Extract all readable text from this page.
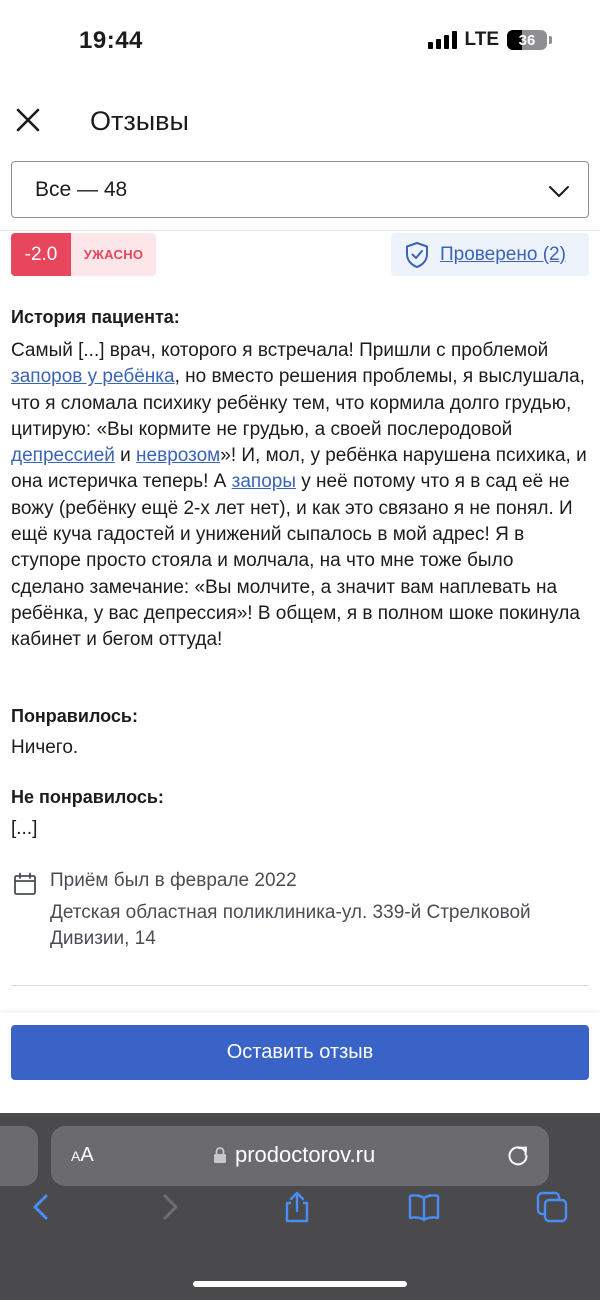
19:44	LTE 36
Отзывы
Все — 48
-2.0	УЖАСНО	Проверено (2)
История пациента:
Самый [...] врач, которого я встречала! Пришли с проблемой запоров у ребёнка, но вместо решения проблемы, я выслушала, что я сломала психику ребёнку тем, что кормила долго грудью, цитирую: «Вы кормите не грудью, а своей послеродовой депрессией и неврозом»! И, мол, у ребёнка нарушена психика, и она истеричка теперь! А запоры у неё потому что я в сад её не вожу (ребёнку ещё 2-х лет нет), и как это связано я не понял. И ещё куча гадостей и унижений сыпалось в мой адрес! Я в ступоре просто стояла и молчала, на что мне тоже было сделано замечание: «Вы молчите, а значит вам наплевать на ребёнка, у вас депрессия»! В общем, я в полном шоке покинула кабинет и бегом оттуда!
Понравилось:
Ничего.
Не понравилось:
[...]
Приём был в феврале 2022
Детская областная поликлиника-ул. 339-й Стрелковой Дивизии, 14
Оставить отзыв
AA	prodoctorov.ru
